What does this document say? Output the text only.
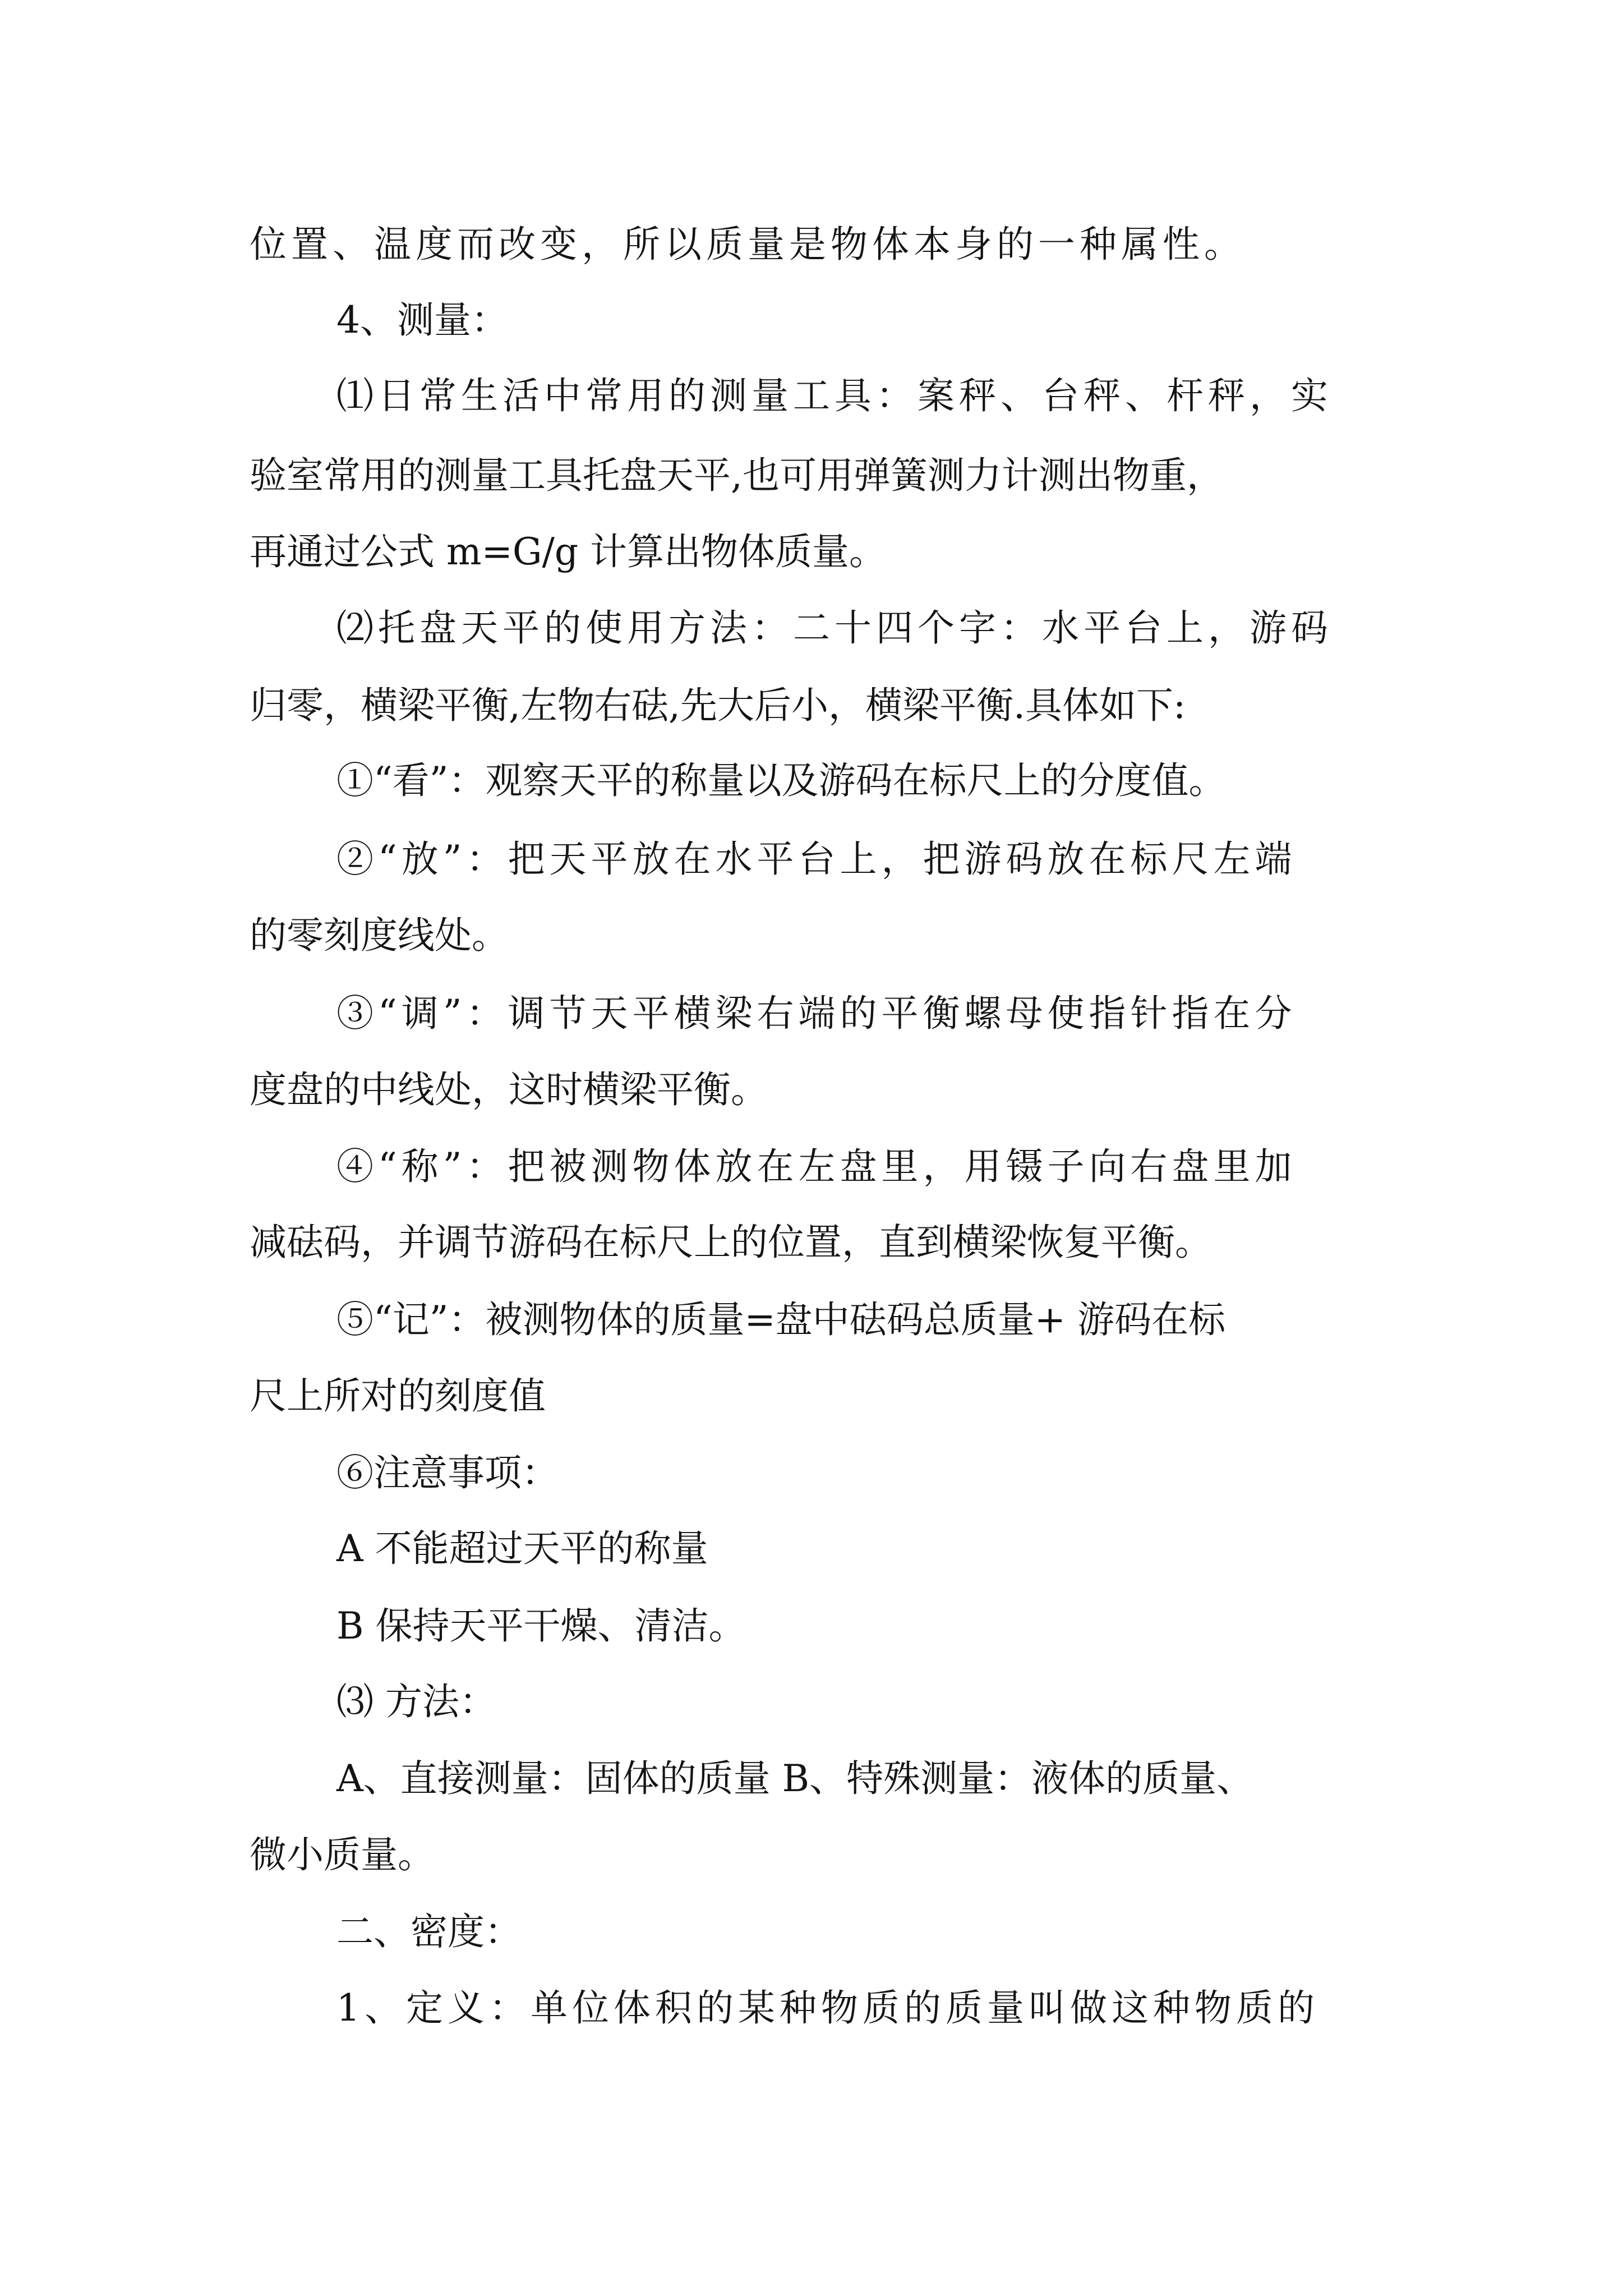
位置、温度而改变，所以质量是物体本身的一种属性。

4、测量：

⑴日常生活中常用的测量工具：案秤、台秤、杆秤，实

验室常用的测量工具托盘天平,也可用弹簧测力计测出物重，

再通过公式 m=G/g 计算出物体质量。

⑵托盘天平的使用方法：二十四个字：水平台上，游码

归零，横梁平衡,左物右砝,先大后小，横梁平衡.具体如下:

①“看”：观察天平的称量以及游码在标尺上的分度值。

②“放”：把天平放在水平台上，把游码放在标尺左端

的零刻度线处。

③“调”：调节天平横梁右端的平衡螺母使指针指在分

度盘的中线处，这时横梁平衡。

④“称”：把被测物体放在左盘里，用镊子向右盘里加

减砝码，并调节游码在标尺上的位置，直到横梁恢复平衡。

⑤“记”：被测物体的质量=盘中砝码总质量+ 游码在标

尺上所对的刻度值

⑥注意事项：

A 不能超过天平的称量

B 保持天平干燥、清洁。

⑶ 方法：

A、直接测量：固体的质量 B、特殊测量：液体的质量、

微小质量。

二、密度：

1、定义：单位体积的某种物质的质量叫做这种物质的
